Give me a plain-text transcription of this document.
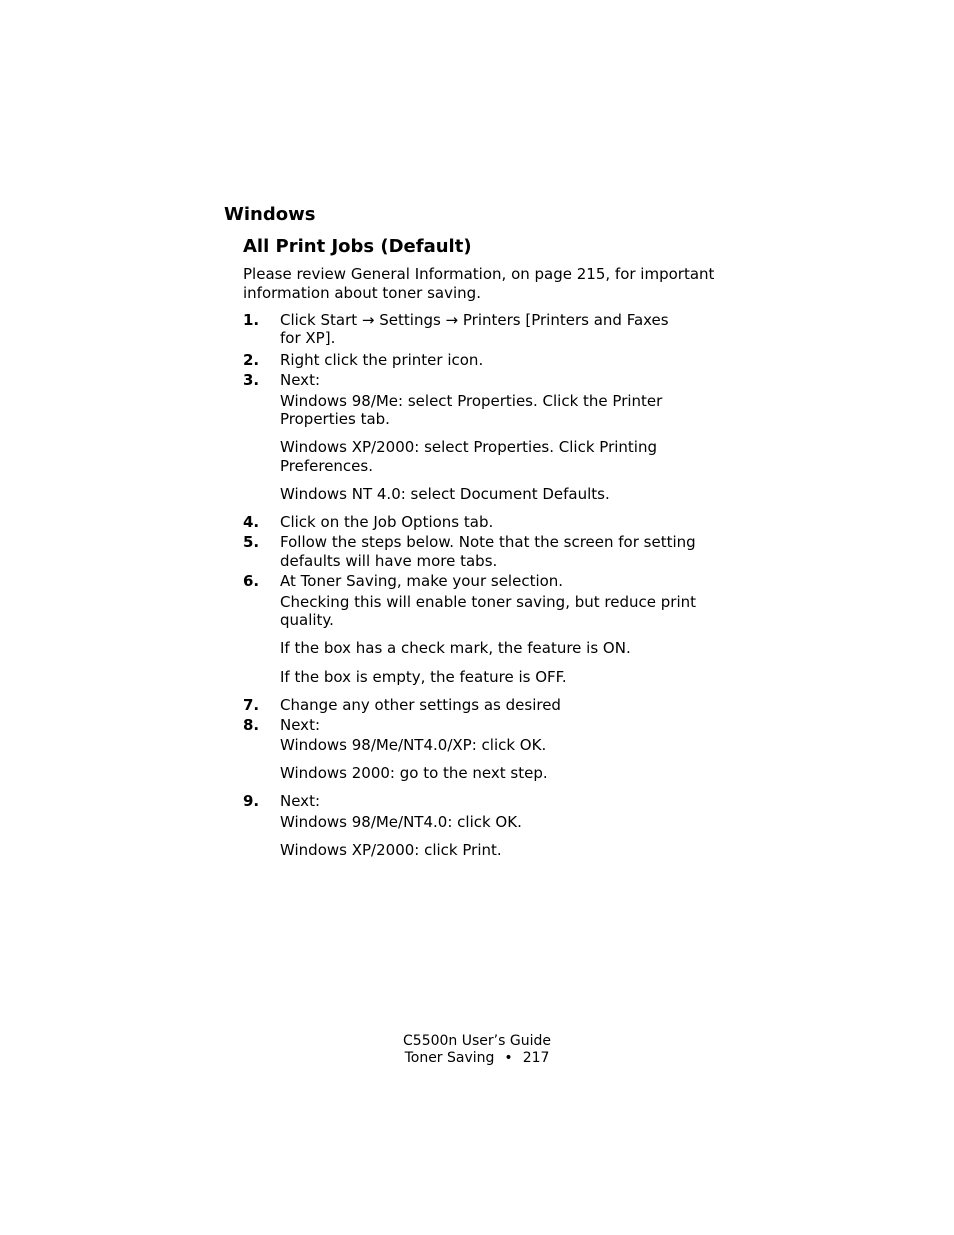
Windows
All Print Jobs (Default)
Please review General Information, on page 215, for important
information about toner saving.
1. Click Start → Settings → Printers [Printers and Faxes
for XP].
2. Right click the printer icon.
3. Next:
Windows 98/Me: select Properties. Click the Printer
Properties tab.
Windows XP/2000: select Properties. Click Printing
Preferences.
Windows NT 4.0: select Document Defaults.
4. Click on the Job Options tab.
5. Follow the steps below. Note that the screen for setting
defaults will have more tabs.
6. At Toner Saving, make your selection.
Checking this will enable toner saving, but reduce print
quality.
If the box has a check mark, the feature is ON.
If the box is empty, the feature is OFF.
7. Change any other settings as desired
8. Next:
Windows 98/Me/NT4.0/XP: click OK.
Windows 2000: go to the next step.
9. Next:
Windows 98/Me/NT4.0: click OK.
Windows XP/2000: click Print.
C5500n User’s Guide
Toner Saving • 217
